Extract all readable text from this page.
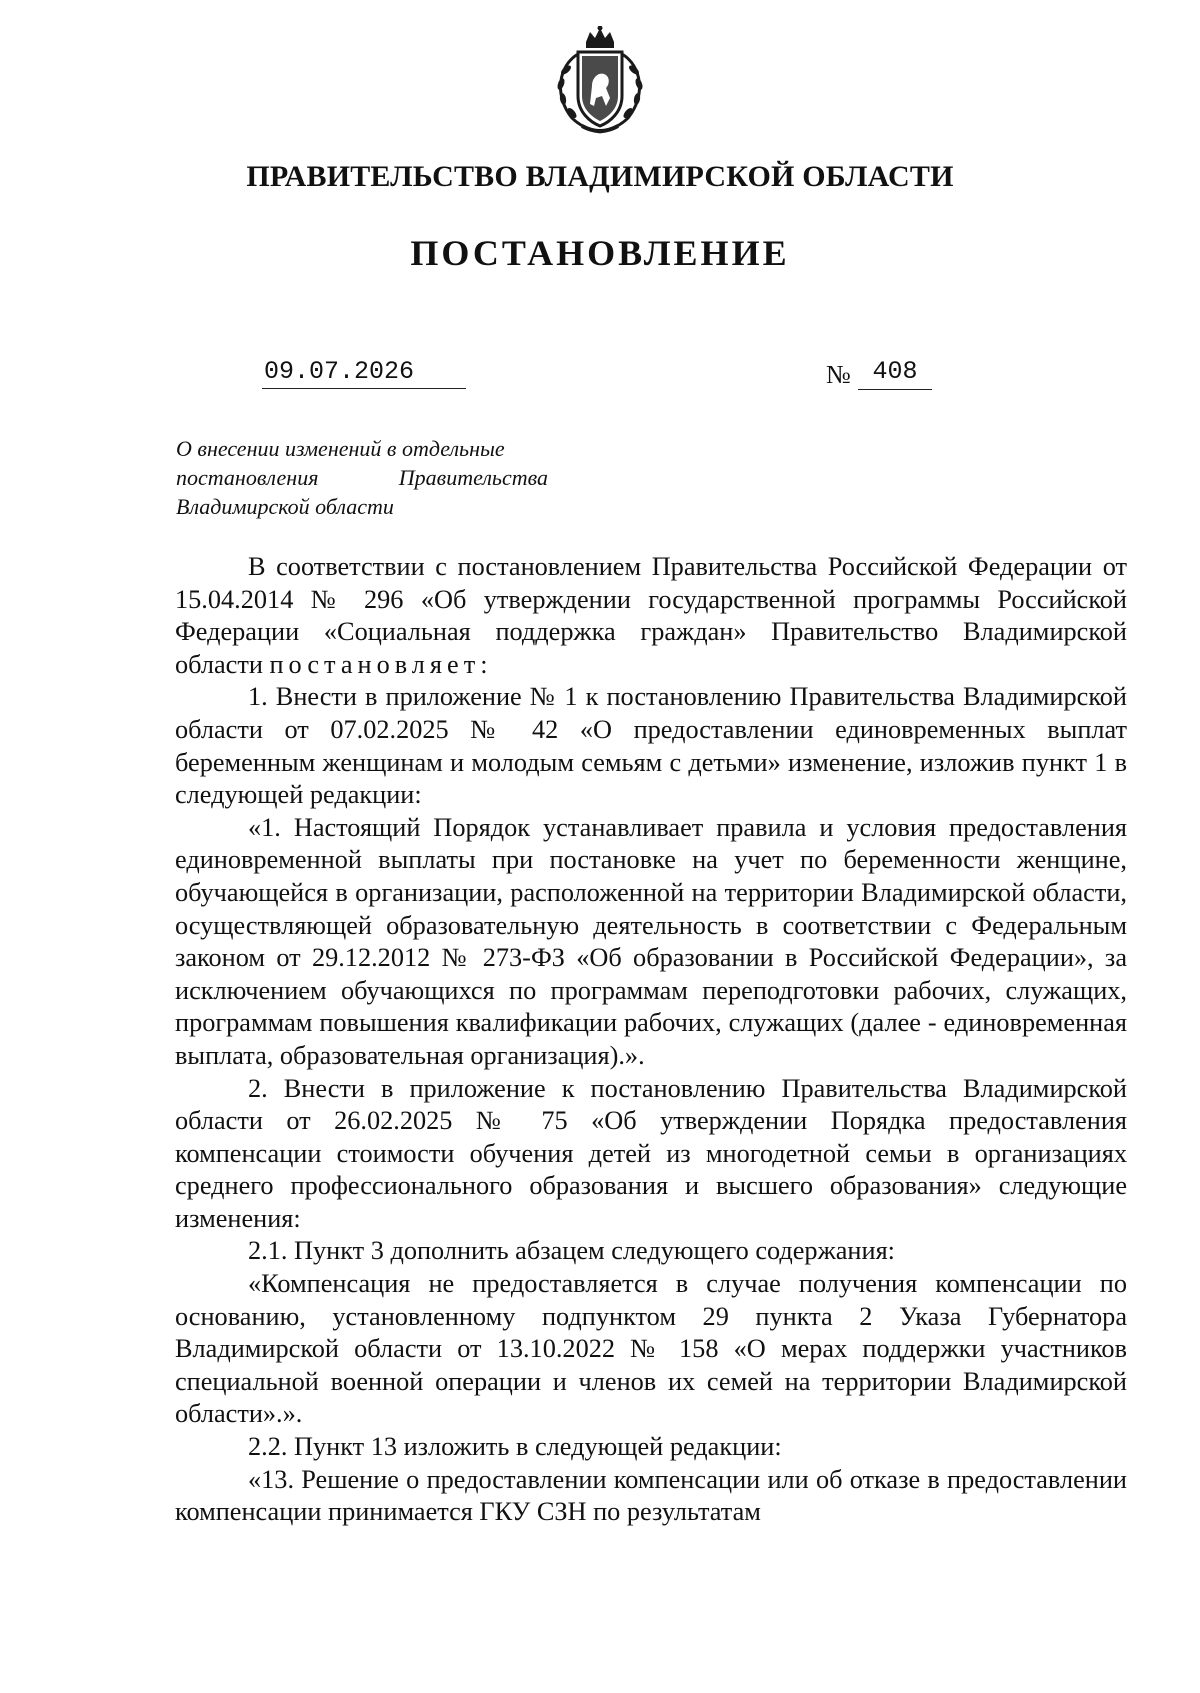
ПРАВИТЕЛЬСТВО ВЛАДИМИРСКОЙ ОБЛАСТИ
ПОСТАНОВЛЕНИЕ
09.07.2026	№ 408
О внесении изменений в отдельные
постановления	Правительства
Владимирской области

В соответствии с постановлением Правительства Российской Федерации от 15.04.2014 № 296 «Об утверждении государственной программы Российской Федерации «Социальная поддержка граждан» Правительство Владимирской области постановляет:

1. Внести в приложение № 1 к постановлению Правительства Владимирской области от 07.02.2025 № 42 «О предоставлении единовременных выплат беременным женщинам и молодым семьям с детьми» изменение, изложив пункт 1 в следующей редакции:

«1. Настоящий Порядок устанавливает правила и условия предоставления единовременной выплаты при постановке на учет по беременности женщине, обучающейся в организации, расположенной на территории Владимирской области, осуществляющей образовательную деятельность в соответствии с Федеральным законом от 29.12.2012 № 273-ФЗ «Об образовании в Российской Федерации», за исключением обучающихся по программам переподготовки рабочих, служащих, программам повышения квалификации рабочих, служащих (далее - единовременная выплата, образовательная организация).».

2. Внести в приложение к постановлению Правительства Владимирской области от 26.02.2025 № 75 «Об утверждении Порядка предоставления компенсации стоимости обучения детей из многодетной семьи в организациях среднего профессионального образования и высшего образования» следующие изменения:

2.1. Пункт 3 дополнить абзацем следующего содержания:

«Компенсация не предоставляется в случае получения компенсации по основанию, установленному подпунктом 29 пункта 2 Указа Губернатора Владимирской области от 13.10.2022 № 158 «О мерах поддержки участников специальной военной операции и членов их семей на территории Владимирской области».».

2.2. Пункт 13 изложить в следующей редакции:

«13. Решение о предоставлении компенсации или об отказе в предоставлении компенсации принимается ГКУ СЗН по результатам
